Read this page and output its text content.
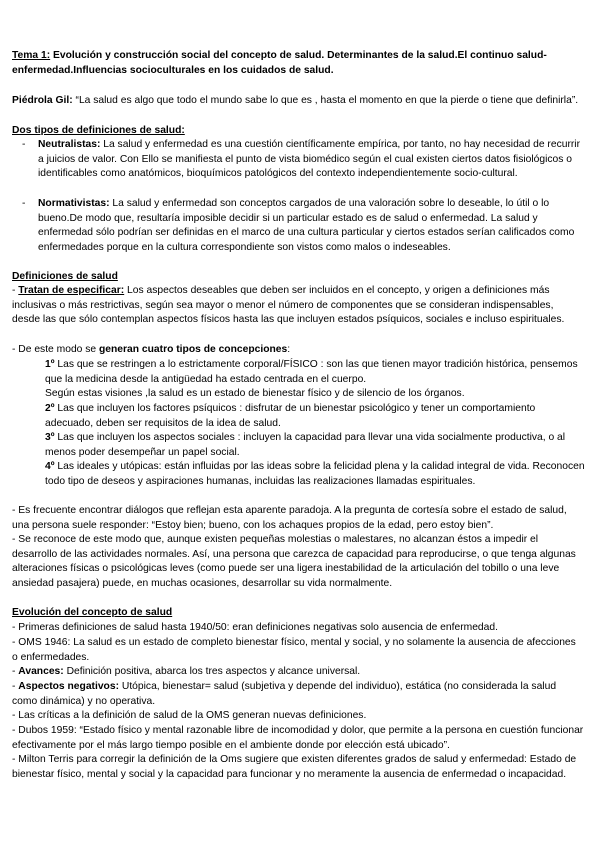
Tema 1: Evolución y construcción social del concepto de salud. Determinantes de la salud.El continuo salud-enfermedad.Influencias socioculturales en los cuidados de salud.

Piédrola Gil: “La salud es algo que todo el mundo sabe lo que es , hasta el momento en que la pierde o tiene que definirla”.

Dos tipos de definiciones de salud:

- Neutralistas: La salud y enfermedad es una cuestión científicamente empírica, por tanto, no hay necesidad de recurrir a juicios de valor. Con Ello se manifiesta el punto de vista biomédico según el cual existen ciertos datos fisiológicos o identificables como anatómicos, bioquímicos patológicos del contexto independientemente socio-cultural.

- Normativistas: La salud y enfermedad son conceptos cargados de una valoración sobre lo deseable, lo útil o lo bueno.De modo que, resultaría imposible decidir si un particular estado es de salud o enfermedad. La salud y enfermedad sólo podrían ser definidas en el marco de una cultura particular y ciertos estados serían calificados como enfermedades porque en la cultura correspondiente son vistos como malos o indeseables.

Definiciones de salud

- Tratan de especificar: Los aspectos deseables que deben ser incluidos en el concepto, y origen a definiciones más inclusivas o más restrictivas, según sea mayor o menor el número de componentes que se consideran indispensables, desde las que sólo contemplan aspectos físicos hasta las que incluyen estados psíquicos, sociales e incluso espirituales.

- De este modo se generan cuatro tipos de concepciones:

1º Las que se restringen a lo estrictamente corporal/FÍSICO : son las que tienen mayor tradición histórica, pensemos que la medicina desde la antigüedad ha estado centrada en el cuerpo.

Según estas visiones ,la salud es un estado de bienestar físico y de silencio de los órganos.

2º Las que incluyen los factores psíquicos : disfrutar de un bienestar psicológico y tener un comportamiento adecuado, deben ser requisitos de la idea de salud.

3º Las que incluyen los aspectos sociales : incluyen la capacidad para llevar una vida socialmente productiva, o al menos poder desempeñar un papel social.

4º Las ideales y utópicas: están influidas por las ideas sobre la felicidad plena y la calidad integral de vida. Reconocen todo tipo de deseos y aspiraciones humanas, incluidas las realizaciones llamadas espirituales.

- Es frecuente encontrar diálogos que reflejan esta aparente paradoja. A la pregunta de cortesía sobre el estado de salud, una persona suele responder: “Estoy bien; bueno, con los achaques propios de la edad, pero estoy bien”.

- Se reconoce de este modo que, aunque existen pequeñas molestias o malestares, no alcanzan éstos a impedir el desarrollo de las actividades normales. Así, una persona que carezca de capacidad para reproducirse, o que tenga algunas alteraciones físicas o psicológicas leves (como puede ser una ligera inestabilidad de la articulación del tobillo o una leve ansiedad pasajera) puede, en muchas ocasiones, desarrollar su vida normalmente.

Evolución del concepto de salud

- Primeras definiciones de salud hasta 1940/50: eran definiciones negativas solo ausencia de enfermedad.

- OMS 1946: La salud es un estado de completo bienestar físico, mental y social, y no solamente la ausencia de afecciones o enfermedades.

- Avances: Definición positiva, abarca los tres aspectos y alcance universal.

- Aspectos negativos: Utópica, bienestar= salud (subjetiva y depende del individuo), estática (no considerada la salud como dinámica) y no operativa.

- Las críticas a la definición de salud de la OMS generan nuevas definiciones.

- Dubos 1959: “Estado físico y mental razonable libre de incomodidad y dolor, que permite a la persona en cuestión funcionar efectivamente por el más largo tiempo posible en el ambiente donde por elección está ubicado”.

- Milton Terris para corregir la definición de la Oms sugiere que existen diferentes grados de salud y enfermedad: Estado de bienestar físico, mental y social y la capacidad para funcionar y no meramente la ausencia de enfermedad o incapacidad.
